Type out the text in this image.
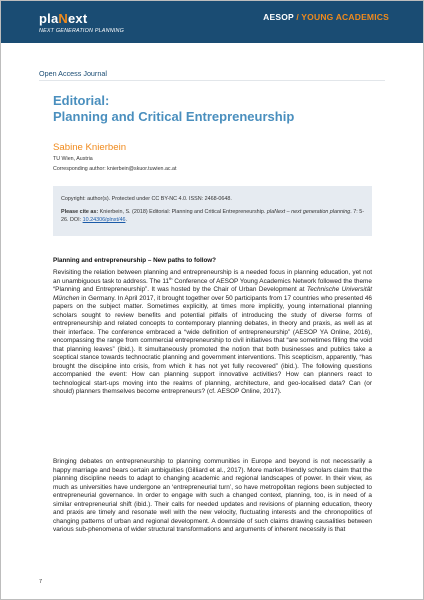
plaNext
NEXT GENERATION PLANNING
AESOP / YOUNG ACADEMICS
Open Access Journal
Editorial:
Planning and Critical Entrepreneurship
Sabine Knierbein
TU Wien, Austria
Corresponding author: knierbein@skuor.tuwien.ac.at
Copyright: author(s). Protected under CC BY-NC 4.0. ISSN: 2468-0648.
Please cite as: Knierbein, S. (2018) Editorial: Planning and Critical Entrepreneurship. plaNext – next generation planning. 7: 5-26. DOI: 10.24306/plnxt/46.
Planning and entrepreneurship – New paths to follow?
Revisiting the relation between planning and entrepreneurship is a needed focus in planning education, yet not an unambiguous task to address. The 11th Conference of AESOP Young Academics Network followed the theme “Planning and Entrepreneurship”. It was hosted by the Chair of Urban Development at Technische Universität München in Germany. In April 2017, it brought together over 50 participants from 17 countries who presented 46 papers on the subject matter. Sometimes explicitly, at times more implicitly, young international planning scholars sought to review benefits and potential pitfalls of introducing the study of diverse forms of entrepreneurship and related concepts to contemporary planning debates, in theory and praxis, as well as at their interface. The conference embraced a “wide definition of entrepreneurship” (AESOP YA Online, 2016), encompassing the range from commercial entrepreneurship to civil initiatives that “are sometimes filling the void that planning leaves” (ibid.). It simultaneously promoted the notion that both businesses and publics take a sceptical stance towards technocratic planning and government interventions. This scepticism, apparently, “has brought the discipline into crisis, from which it has not yet fully recovered” (ibid.). The following questions accompanied the event: How can planning support innovative activities? How can planners react to technological start-ups moving into the realms of planning, architecture, and geo-localised data? Can (or should) planners themselves become entrepreneurs? (cf. AESOP Online, 2017).
Bringing debates on entrepreneurship to planning communities in Europe and beyond is not necessarily a happy marriage and bears certain ambiguities (Gilliard et al., 2017). More market-friendly scholars claim that the planning discipline needs to adapt to changing academic and regional landscapes of power. In their view, as much as universities have undergone an ‘entrepreneurial turn’, so have metropolitan regions been subjected to entrepreneurial governance. In order to engage with such a changed context, planning, too, is in need of a similar entrepreneurial shift (ibid.). Their calls for needed updates and revisions of planning education, theory and praxis are timely and resonate well with the new velocity, fluctuating interests and the chronopolitics of changing patterns of urban and regional development. A downside of such claims drawing causalities between various sub-phenomena of wider structural transformations and arguments of inherent necessity is that
7
